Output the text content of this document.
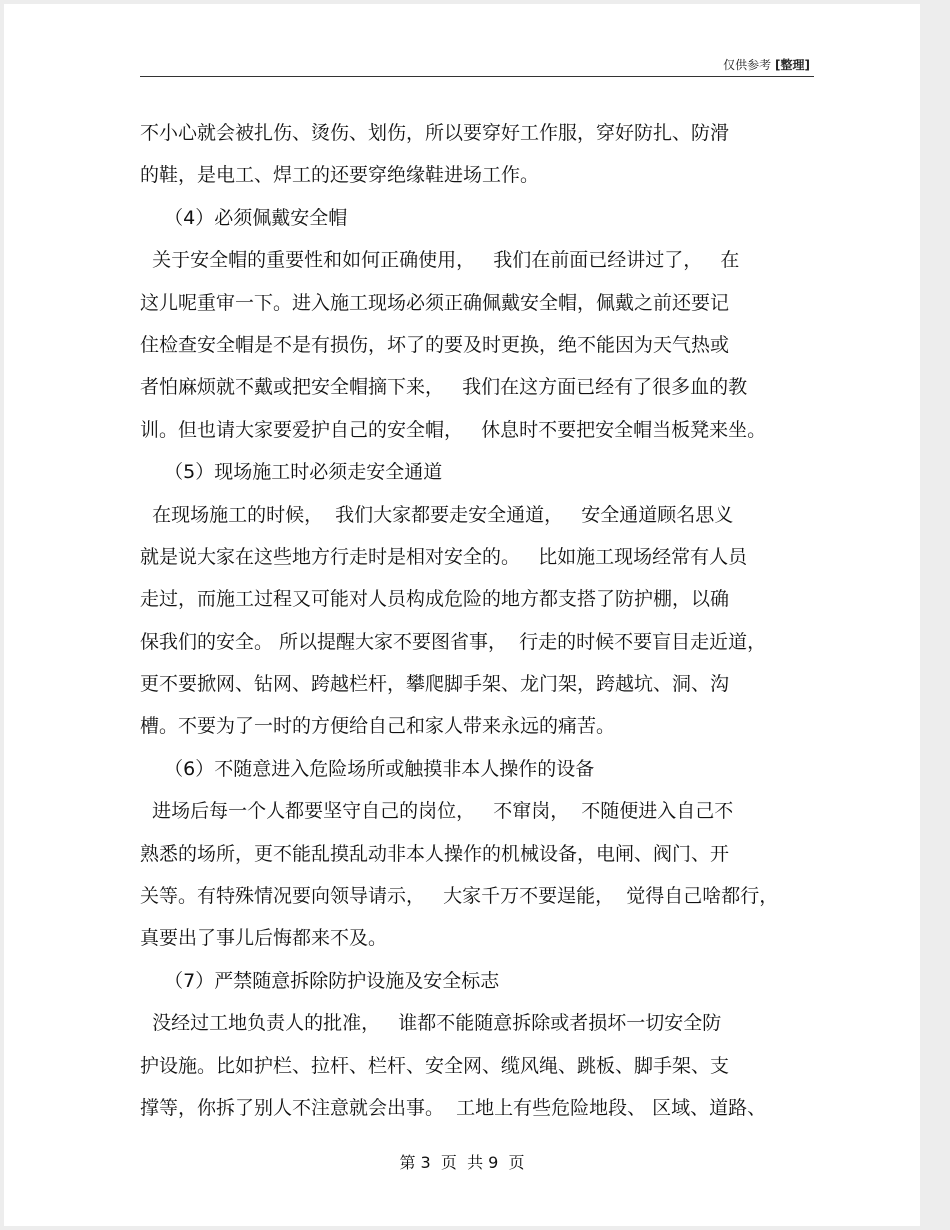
仅供参考 [整理]
不小心就会被扎伤、烫伤、划伤，所以要穿好工作服，穿好防扎、防滑
的鞋，是电工、焊工的还要穿绝缘鞋进场工作。
（4）必须佩戴安全帽
关于安全帽的重要性和如何正确使用，   我们在前面已经讲过了，   在
这儿呢重审一下。进入施工现场必须正确佩戴安全帽，佩戴之前还要记
住检查安全帽是不是有损伤，坏了的要及时更换，绝不能因为天气热或
者怕麻烦就不戴或把安全帽摘下来，   我们在这方面已经有了很多血的教
训。但也请大家要爱护自己的安全帽，   休息时不要把安全帽当板凳来坐。
（5）现场施工时必须走安全通道
在现场施工的时候，  我们大家都要走安全通道，   安全通道顾名思义
就是说大家在这些地方行走时是相对安全的。   比如施工现场经常有人员
走过，而施工过程又可能对人员构成危险的地方都支搭了防护棚，以确
保我们的安全。 所以提醒大家不要图省事，  行走的时候不要盲目走近道，
更不要掀网、钻网、跨越栏杆，攀爬脚手架、龙门架，跨越坑、洞、沟
槽。不要为了一时的方便给自己和家人带来永远的痛苦。
（6）不随意进入危险场所或触摸非本人操作的设备
进场后每一个人都要坚守自己的岗位，   不窜岗，  不随便进入自己不
熟悉的场所，更不能乱摸乱动非本人操作的机械设备，电闸、阀门、开
关等。有特殊情况要向领导请示，   大家千万不要逞能，  觉得自己啥都行，
真要出了事儿后悔都来不及。
（7）严禁随意拆除防护设施及安全标志
没经过工地负责人的批准，   谁都不能随意拆除或者损坏一切安全防
护设施。比如护栏、拉杆、栏杆、安全网、缆风绳、跳板、脚手架、支
撑等，你拆了别人不注意就会出事。  工地上有些危险地段、 区域、道路、
第 3  页  共 9  页
